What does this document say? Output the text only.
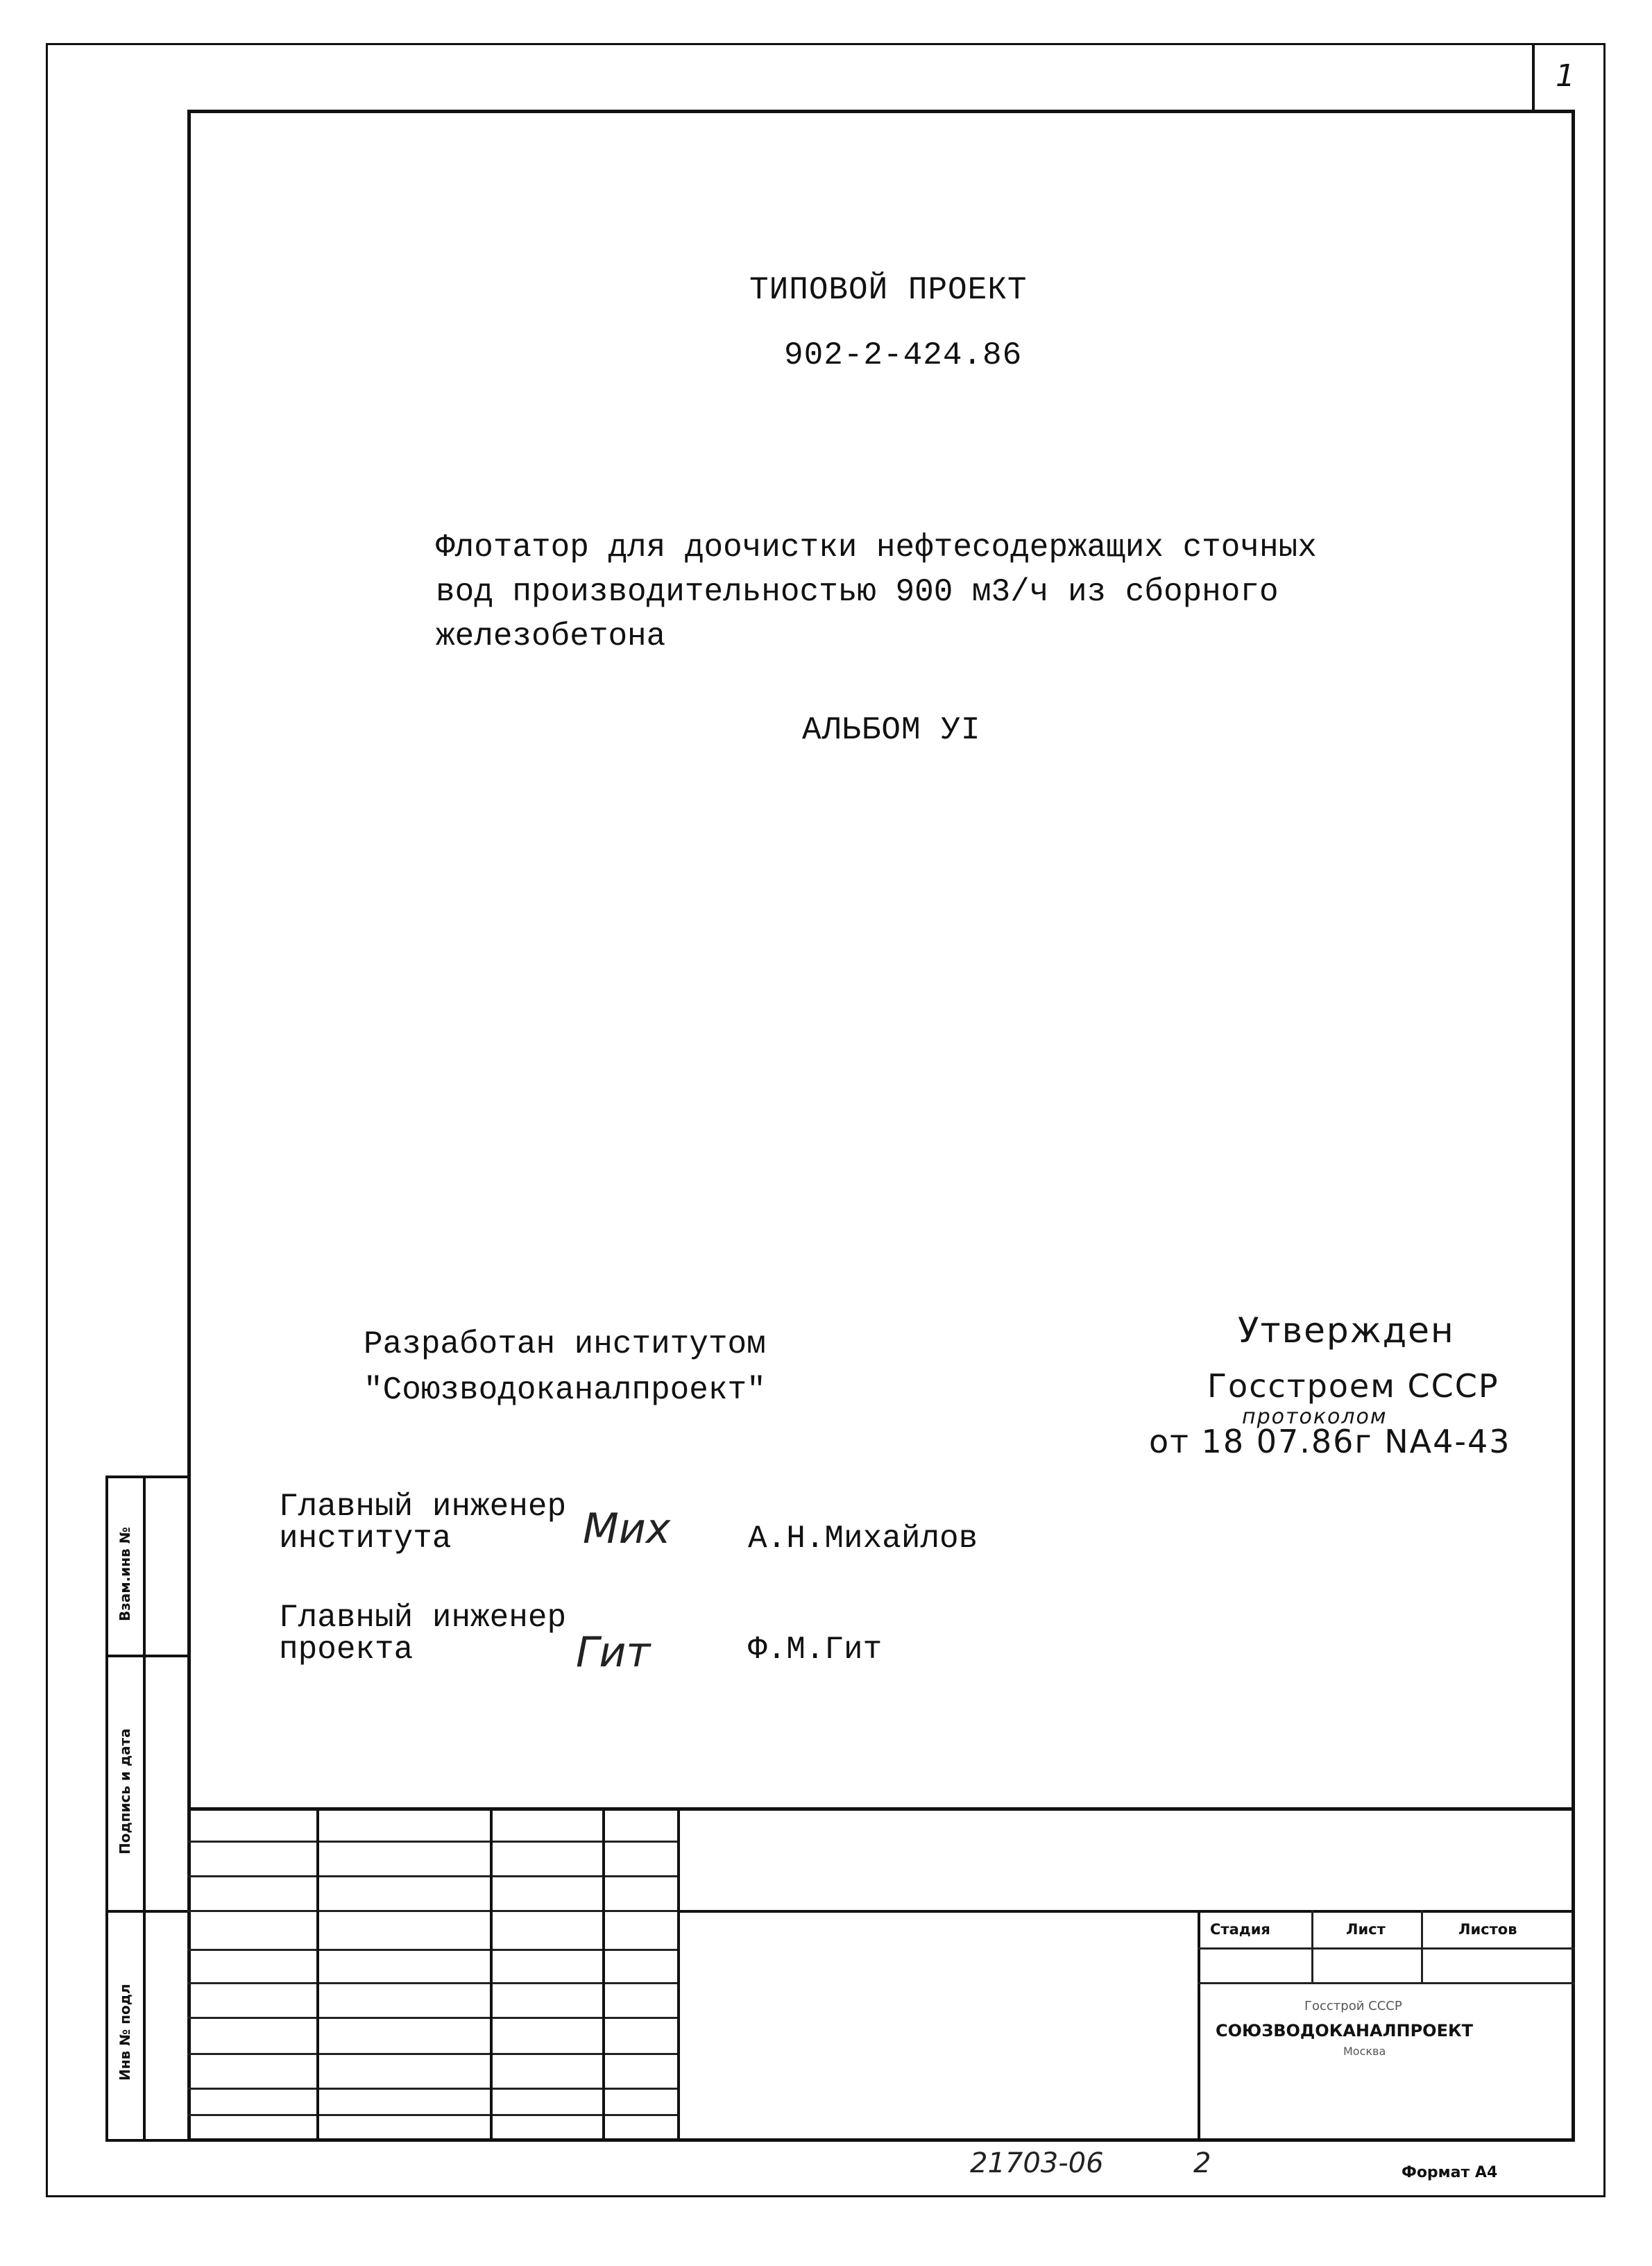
1
ТИПОВОЙ ПРОЕКТ
902-2-424.86
Флотатор для доочистки нефтесодержащих сточных
вод производительностью 900 м3/ч из сборного
железобетона
АЛЬБОМ УI
Разработан институтом
"Союзводоканалпроект"
Утвержден
Госстроем СССР
протоколом
от 18 07.86г NА4-43
Главный инженер
института	Мих А.Н.Михайлов
Главный инженер
проекта	Гит	Ф.М.Гит
Взам.инв №
Подпись и дата
Инв № подл
Стадия	Лист	Листов
Госстрой СССР
СОЮЗВОДОКАНАЛПРОЕКТ
Москва
21703-06	2	Формат А4
